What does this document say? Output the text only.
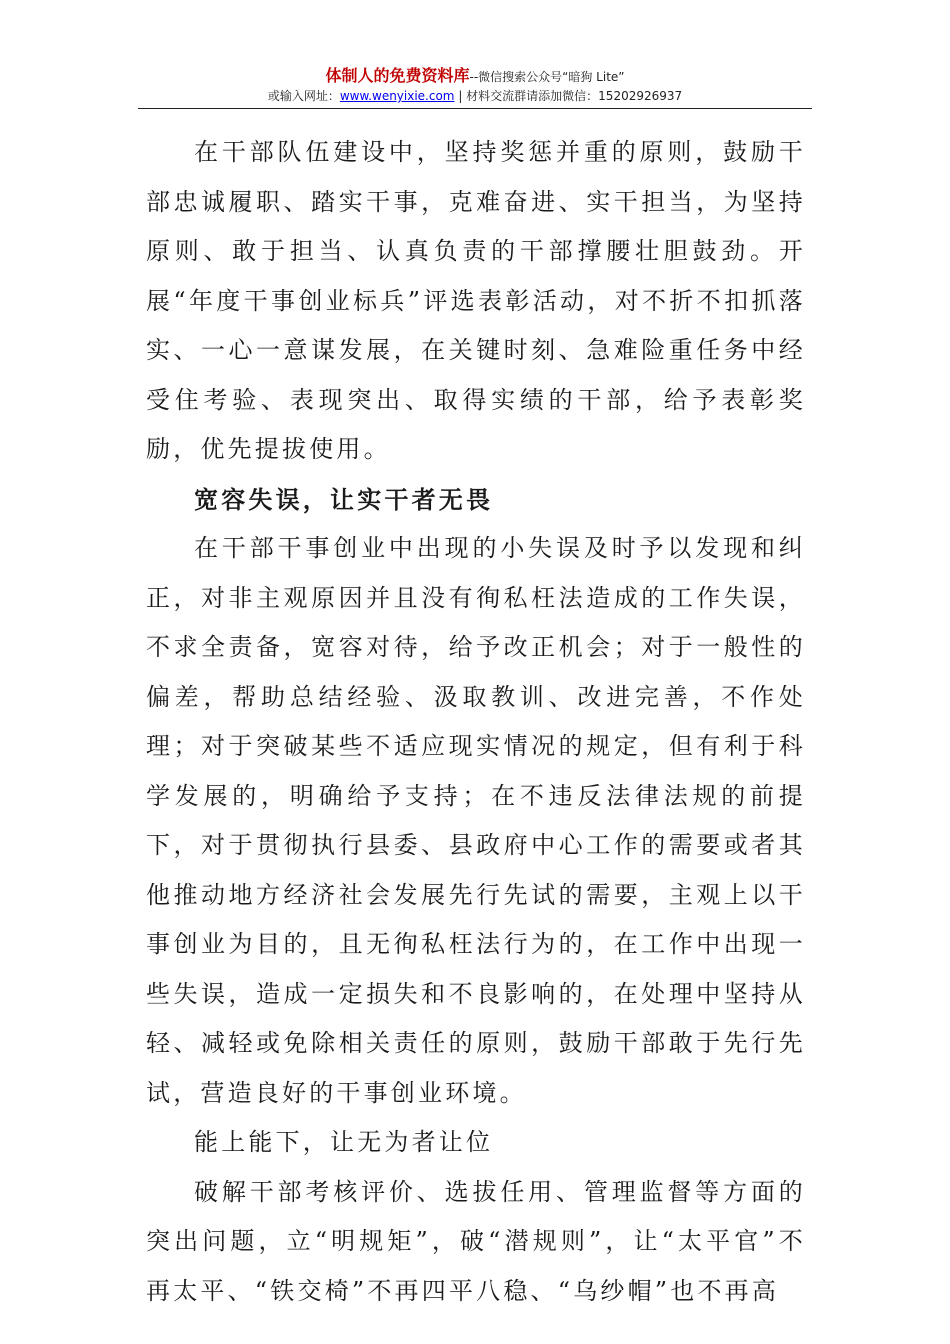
体制人的免费资料库--微信搜索公众号“暗狗 Lite”
或输入网址：www.wenyixie.com | 材料交流群请添加微信：15202926937

在干部队伍建设中，坚持奖惩并重的原则，鼓励干部忠诚履职、踏实干事，克难奋进、实干担当，为坚持原则、敢于担当、认真负责的干部撑腰壮胆鼓劲。开展“年度干事创业标兵”评选表彰活动，对不折不扣抓落实、一心一意谋发展，在关键时刻、急难险重任务中经受住考验、表现突出、取得实绩的干部，给予表彰奖励，优先提拔使用。

宽容失误，让实干者无畏

在干部干事创业中出现的小失误及时予以发现和纠正，对非主观原因并且没有徇私枉法造成的工作失误，不求全责备，宽容对待，给予改正机会；对于一般性的偏差，帮助总结经验、汲取教训、改进完善，不作处理；对于突破某些不适应现实情况的规定，但有利于科学发展的，明确给予支持；在不违反法律法规的前提下，对于贯彻执行县委、县政府中心工作的需要或者其他推动地方经济社会发展先行先试的需要，主观上以干事创业为目的，且无徇私枉法行为的，在工作中出现一些失误，造成一定损失和不良影响的，在处理中坚持从轻、减轻或免除相关责任的原则，鼓励干部敢于先行先试，营造良好的干事创业环境。

能上能下，让无为者让位

破解干部考核评价、选拔任用、管理监督等方面的突出问题，立“明规矩”，破“潜规则”，让“太平官”不再太平、“铁交椅”不再四平八稳、“乌纱帽”也不再高
